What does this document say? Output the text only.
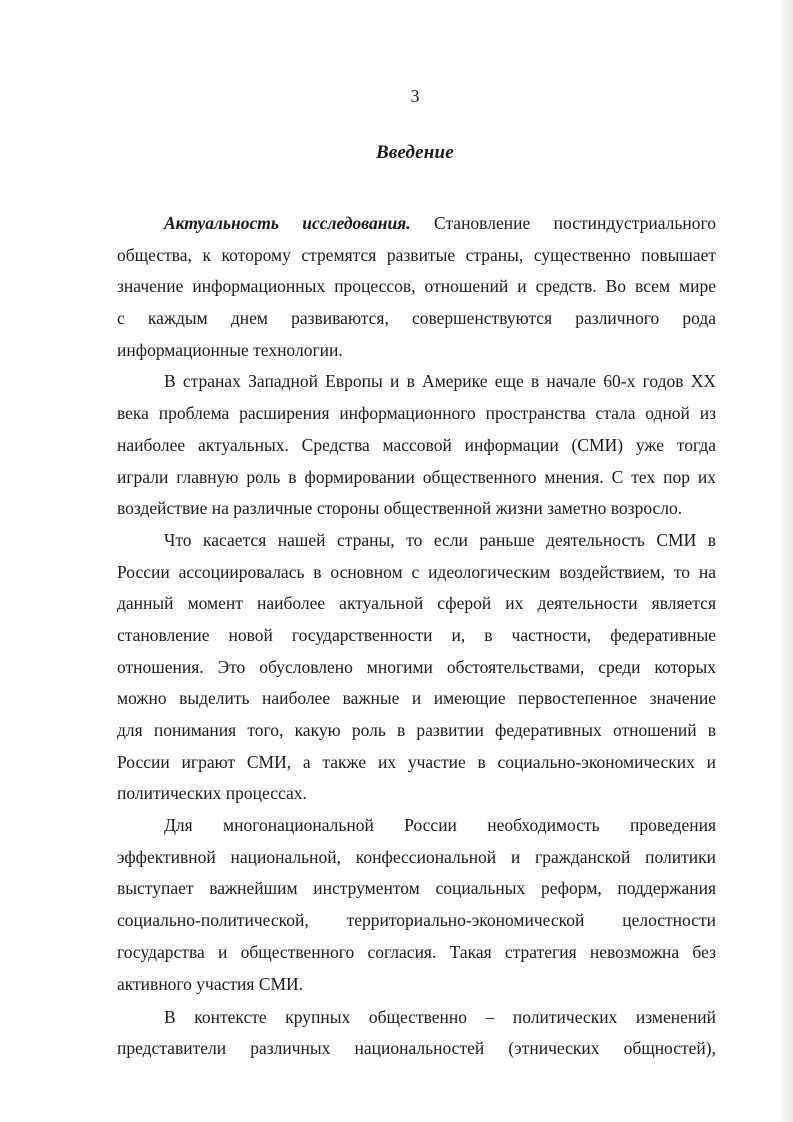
3
Введение
Актуальность исследования. Становление постиндустриального
общества, к которому стремятся развитые страны, существенно повышает
значение информационных процессов, отношений и средств. Во всем мире
с каждым днем развиваются, совершенствуются различного рода
информационные технологии.
В странах Западной Европы и в Америке еще в начале 60-х годов XX
века проблема расширения информационного пространства стала одной из
наиболее актуальных. Средства массовой информации (СМИ) уже тогда
играли главную роль в формировании общественного мнения. С тех пор их
воздействие на различные стороны общественной жизни заметно возросло.
Что касается нашей страны, то если раньше деятельность СМИ в
России ассоциировалась в основном с идеологическим воздействием, то на
данный момент наиболее актуальной сферой их деятельности является
становление новой государственности и, в частности, федеративные
отношения. Это обусловлено многими обстоятельствами, среди которых
можно выделить наиболее важные и имеющие первостепенное значение
для понимания того, какую роль в развитии федеративных отношений в
России играют СМИ, а также их участие в социально-экономических и
политических процессах.
Для многонациональной России необходимость проведения
эффективной национальной, конфессиональной и гражданской политики
выступает важнейшим инструментом социальных реформ, поддержания
социально-политической, территориально-экономической целостности
государства и общественного согласия. Такая стратегия невозможна без
активного участия СМИ.
В контексте крупных общественно – политических изменений
представители различных национальностей (этнических общностей),
